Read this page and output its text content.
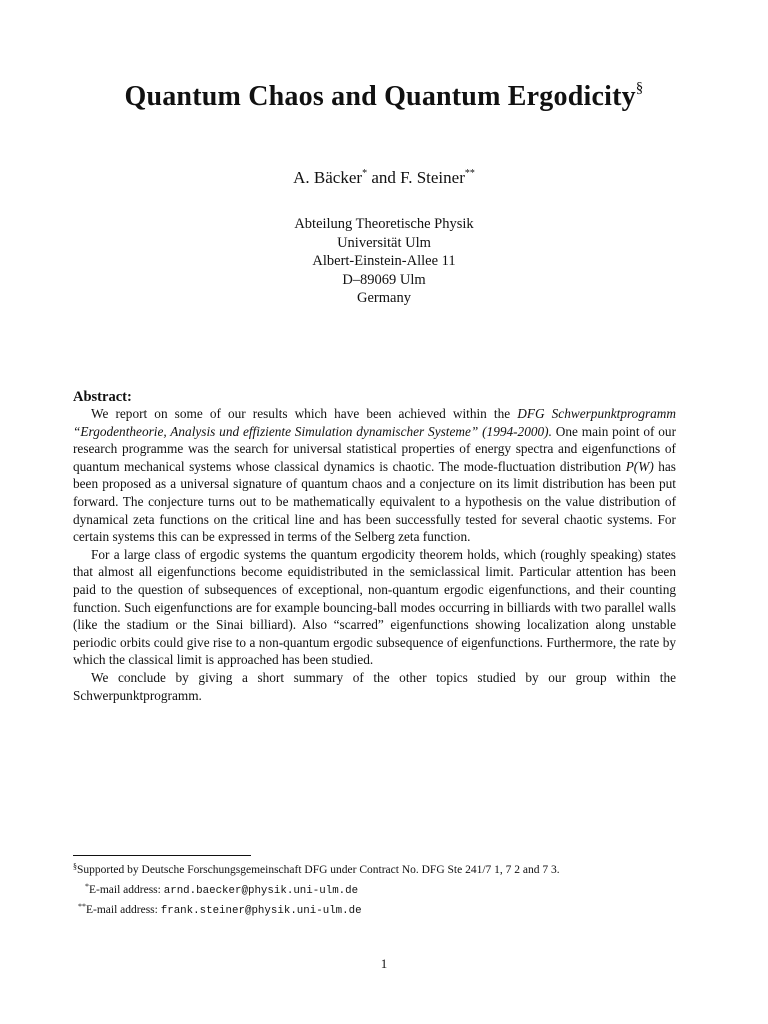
Quantum Chaos and Quantum Ergodicity§
A. Bäcker* and F. Steiner**
Abteilung Theoretische Physik
Universität Ulm
Albert-Einstein-Allee 11
D–89069 Ulm
Germany
Abstract:

We report on some of our results which have been achieved within the DFG Schwerpunktprogramm “Ergodentheorie, Analysis und effiziente Simulation dynamischer Systeme” (1994-2000). One main point of our research programme was the search for universal statistical properties of energy spectra and eigenfunctions of quantum mechanical systems whose classical dynamics is chaotic. The mode-fluctuation distribution P(W) has been proposed as a universal signature of quantum chaos and a conjecture on its limit distribution has been put forward. The conjecture turns out to be mathematically equivalent to a hypothesis on the value distribution of dynamical zeta functions on the critical line and has been successfully tested for several chaotic systems. For certain systems this can be expressed in terms of the Selberg zeta function.

For a large class of ergodic systems the quantum ergodicity theorem holds, which (roughly speaking) states that almost all eigenfunctions become equidistributed in the semiclassical limit. Particular attention has been paid to the question of subsequences of exceptional, non-quantum ergodic eigenfunctions, and their counting function. Such eigenfunctions are for example bouncing-ball modes occurring in billiards with two parallel walls (like the stadium or the Sinai billiard). Also “scarred” eigenfunctions showing localization along unstable periodic orbits could give rise to a non-quantum ergodic subsequence of eigenfunctions. Furthermore, the rate by which the classical limit is approached has been studied.

We conclude by giving a short summary of the other topics studied by our group within the Schwerpunktprogramm.

§Supported by Deutsche Forschungsgemeinschaft DFG under Contract No. DFG Ste 241/7 1, 7 2 and 7 3.
*E-mail address: arnd.baecker@physik.uni-ulm.de
**E-mail address: frank.steiner@physik.uni-ulm.de
1
